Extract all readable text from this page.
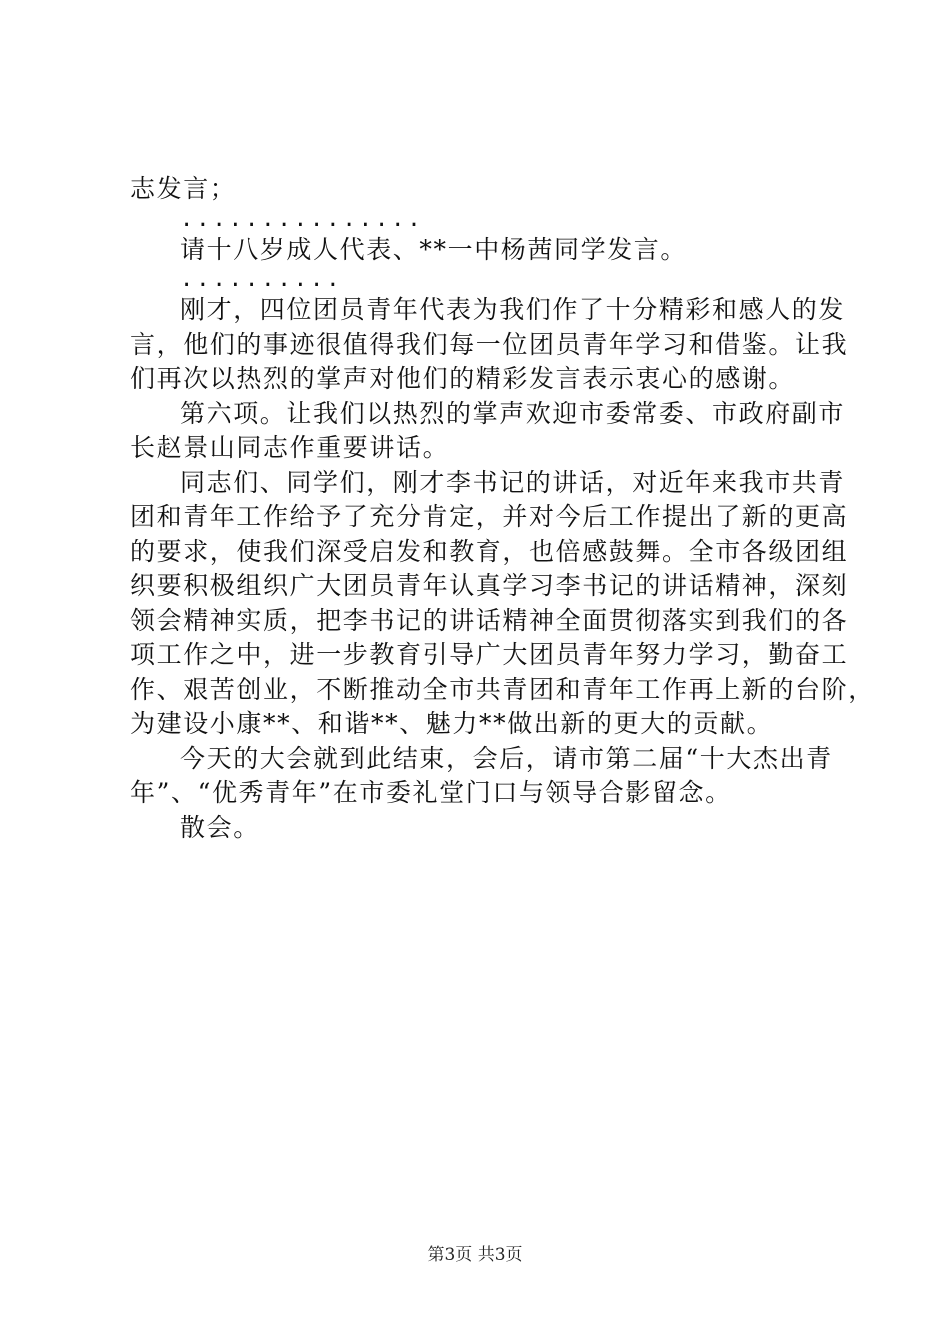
志发言；
...............
请十八岁成人代表、**一中杨茜同学发言。
..........
刚才，四位团员青年代表为我们作了十分精彩和感人的发
言，他们的事迹很值得我们每一位团员青年学习和借鉴。让我
们再次以热烈的掌声对他们的精彩发言表示衷心的感谢。
第六项。让我们以热烈的掌声欢迎市委常委、市政府副市
长赵景山同志作重要讲话。
同志们、同学们，刚才李书记的讲话，对近年来我市共青
团和青年工作给予了充分肯定，并对今后工作提出了新的更高
的要求，使我们深受启发和教育，也倍感鼓舞。全市各级团组
织要积极组织广大团员青年认真学习李书记的讲话精神，深刻
领会精神实质，把李书记的讲话精神全面贯彻落实到我们的各
项工作之中，进一步教育引导广大团员青年努力学习，勤奋工
作、艰苦创业，不断推动全市共青团和青年工作再上新的台阶，
为建设小康**、和谐**、魅力**做出新的更大的贡献。
今天的大会就到此结束，会后，请市第二届“十大杰出青
年”、“优秀青年”在市委礼堂门口与领导合影留念。
散会。
第3页 共3页
